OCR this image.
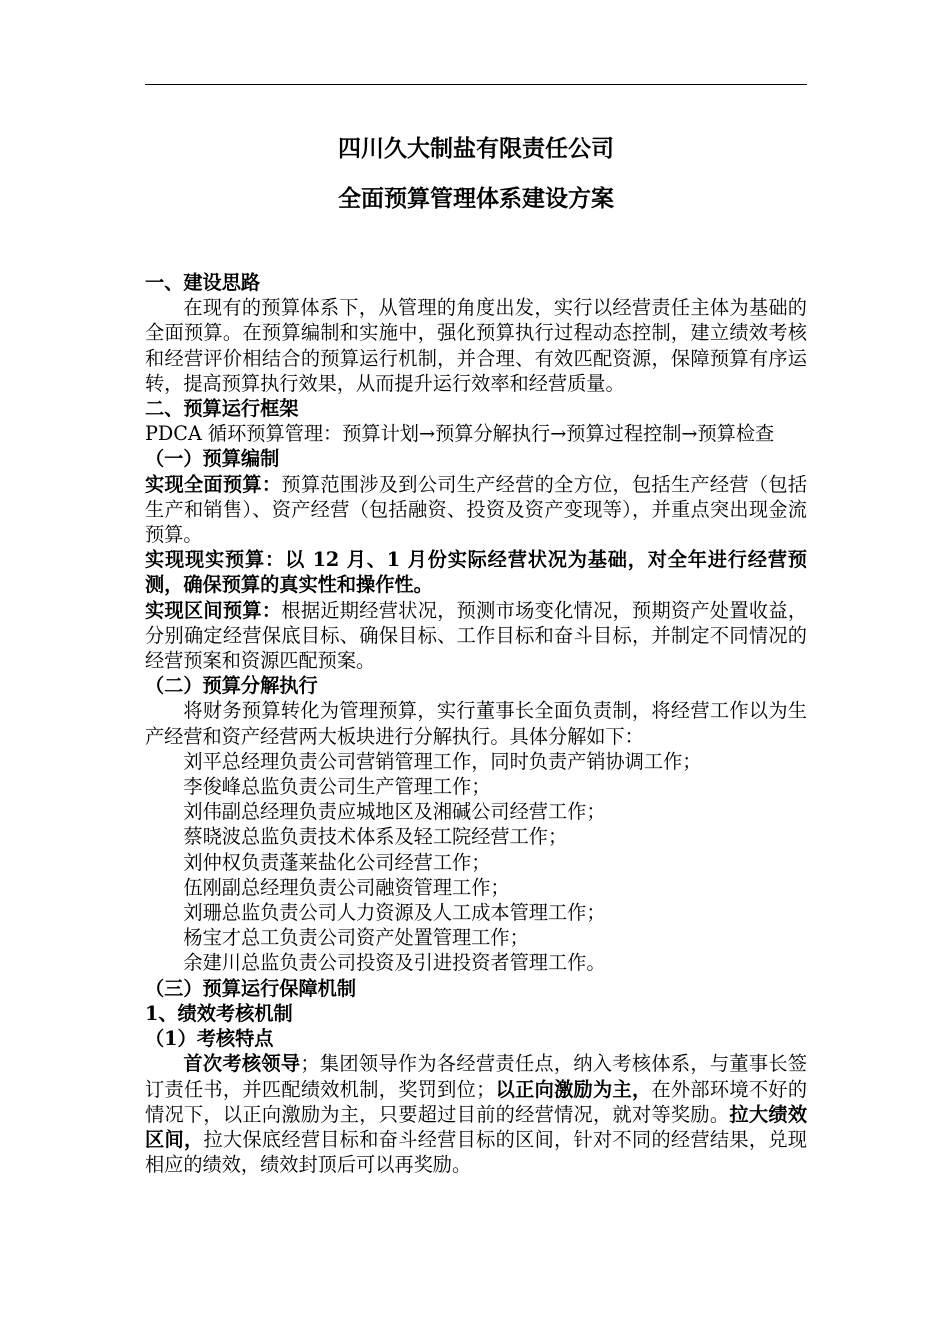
四川久大制盐有限责任公司
全面预算管理体系建设方案

一、建设思路

在现有的预算体系下，从管理的角度出发，实行以经营责任主体为基础的全面预算。在预算编制和实施中，强化预算执行过程动态控制，建立绩效考核和经营评价相结合的预算运行机制，并合理、有效匹配资源，保障预算有序运转，提高预算执行效果，从而提升运行效率和经营质量。

二、预算运行框架

PDCA 循环预算管理：预算计划→预算分解执行→预算过程控制→预算检查

（一）预算编制

实现全面预算：预算范围涉及到公司生产经营的全方位，包括生产经营（包括生产和销售）、资产经营（包括融资、投资及资产变现等），并重点突出现金流预算。

实现现实预算：以 12 月、1 月份实际经营状况为基础，对全年进行经营预测，确保预算的真实性和操作性。

实现区间预算：根据近期经营状况，预测市场变化情况，预期资产处置收益，分别确定经营保底目标、确保目标、工作目标和奋斗目标，并制定不同情况的经营预案和资源匹配预案。

（二）预算分解执行

将财务预算转化为管理预算，实行董事长全面负责制，将经营工作以为生产经营和资产经营两大板块进行分解执行。具体分解如下：

刘平总经理负责公司营销管理工作，同时负责产销协调工作；

李俊峰总监负责公司生产管理工作；

刘伟副总经理负责应城地区及湘碱公司经营工作；

蔡晓波总监负责技术体系及轻工院经营工作；

刘仲权负责蓬莱盐化公司经营工作；

伍刚副总经理负责公司融资管理工作；

刘珊总监负责公司人力资源及人工成本管理工作；

杨宝才总工负责公司资产处置管理工作；

余建川总监负责公司投资及引进投资者管理工作。

（三）预算运行保障机制

1、绩效考核机制

（1）考核特点

首次考核领导；集团领导作为各经营责任点，纳入考核体系，与董事长签订责任书，并匹配绩效机制，奖罚到位；以正向激励为主，在外部环境不好的情况下，以正向激励为主，只要超过目前的经营情况，就对等奖励。拉大绩效区间，拉大保底经营目标和奋斗经营目标的区间，针对不同的经营结果，兑现相应的绩效，绩效封顶后可以再奖励。
